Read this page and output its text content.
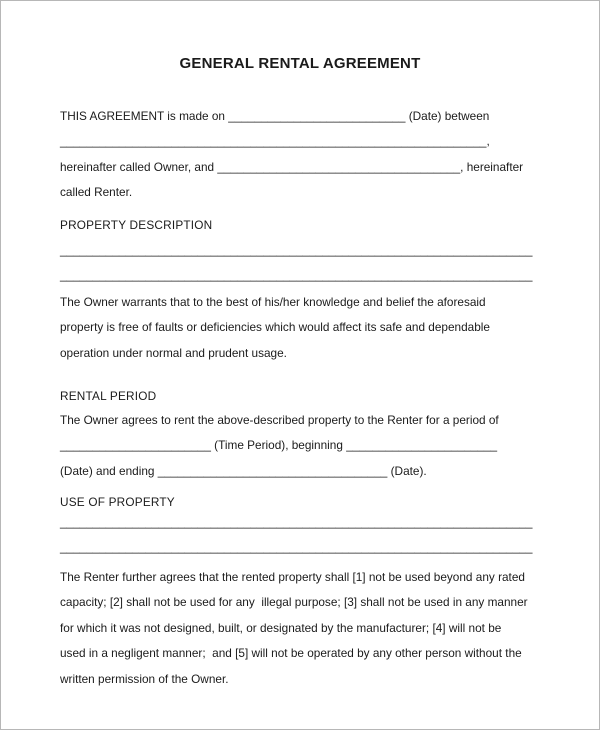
GENERAL RENTAL AGREEMENT
THIS AGREEMENT is made on ___________________________ (Date) between
_________________________________________________________________,
hereinafter called Owner, and _____________________________________, hereinafter
called Renter.
PROPERTY DESCRIPTION
________________________________________________________________________
________________________________________________________________________
The Owner warrants that to the best of his/her knowledge and belief the aforesaid
property is free of faults or deficiencies which would affect its safe and dependable
operation under normal and prudent usage.
RENTAL PERIOD
The Owner agrees to rent the above-described property to the Renter for a period of
_______________________ (Time Period), beginning _______________________
(Date) and ending ___________________________________ (Date).
USE OF PROPERTY
________________________________________________________________________
________________________________________________________________________
The Renter further agrees that the rented property shall [1] not be used beyond any rated
capacity; [2] shall not be used for any  illegal purpose; [3] shall not be used in any manner
for which it was not designed, built, or designated by the manufacturer; [4] will not be
used in a negligent manner;  and [5] will not be operated by any other person without the
written permission of the Owner.
